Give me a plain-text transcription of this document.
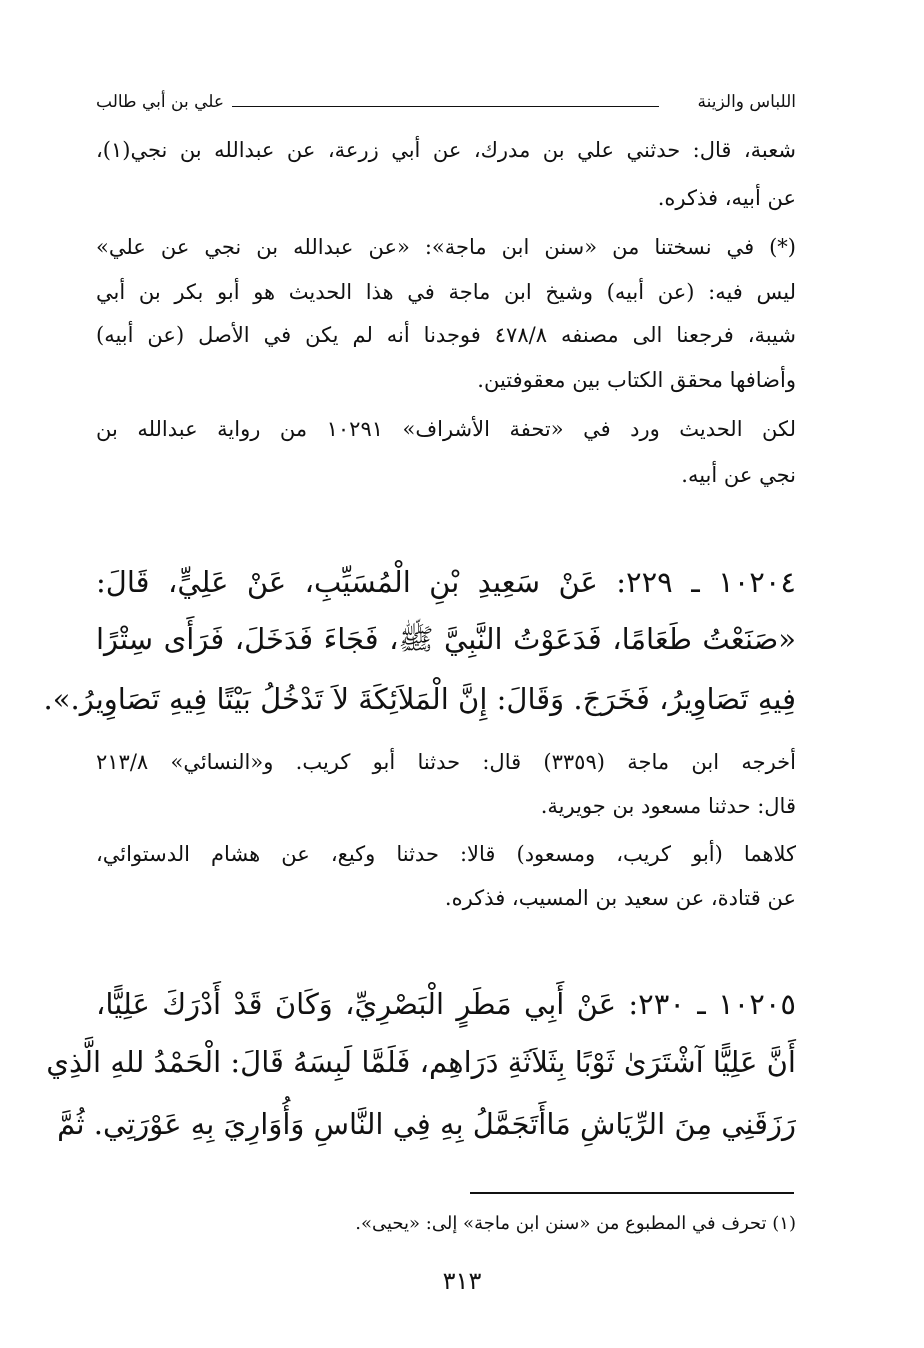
اللباس والزينة
علي بن أبي طالب
شعبة، قال: حدثني علي بن مدرك، عن أبي زرعة، عن عبدالله بن نجي(١)،
عن أبيه، فذكره.
(*) في نسختنا من «سنن ابن ماجة»: «عن عبدالله بن نجي عن علي»
ليس فيه: (عن أبيه) وشيخ ابن ماجة في هذا الحديث هو أبو بكر بن أبي
شيبة، فرجعنا الى مصنفه ٤٧٨/٨ فوجدنا أنه لم يكن في الأصل (عن أبيه)
وأضافها محقق الكتاب بين معقوفتين.
لكن الحديث ورد في «تحفة الأشراف» ١٠٢٩١ من رواية عبدالله بن
نجي عن أبيه.
١٠٢٠٤ ـ ٢٢٩: عَنْ سَعِيدِ بْنِ الْمُسَيِّبِ، عَنْ عَلِيٍّ، قَالَ:
«صَنَعْتُ طَعَامًا، فَدَعَوْتُ النَّبِيَّ ﷺ، فَجَاءَ فَدَخَلَ، فَرَأَى سِتْرًا
فِيهِ تَصَاوِيرُ، فَخَرَجَ. وَقَالَ: إِنَّ الْمَلاَئِكَةَ لاَ تَدْخُلُ بَيْتًا فِيهِ تَصَاوِيرُ.».
أخرجه ابن ماجة (٣٣٥٩) قال: حدثنا أبو كريب. و«النسائي» ٢١٣/٨
قال: حدثنا مسعود بن جويرية.
كلاهما (أبو كريب، ومسعود) قالا: حدثنا وكيع، عن هشام الدستوائي،
عن قتادة، عن سعيد بن المسيب، فذكره.
١٠٢٠٥ ـ ٢٣٠: عَنْ أَبِي مَطَرٍ الْبَصْرِيِّ، وَكَانَ قَدْ أَدْرَكَ عَلِيًّا،
أَنَّ عَلِيًّا آشْتَرَىٰ ثَوْبًا بِثَلاَثَةِ دَرَاهِم، فَلَمَّا لَبِسَهُ قَالَ: الْحَمْدُ للهِ الَّذِي
رَزَقَنِي مِنَ الرِّيَاشِ مَاأَتَجَمَّلُ بِهِ فِي النَّاسِ وَأُوَارِيَ بِهِ عَوْرَتِي. ثُمَّ
(١) تحرف في المطبوع من «سنن ابن ماجة» إلى: «يحيى».
٣١٣
